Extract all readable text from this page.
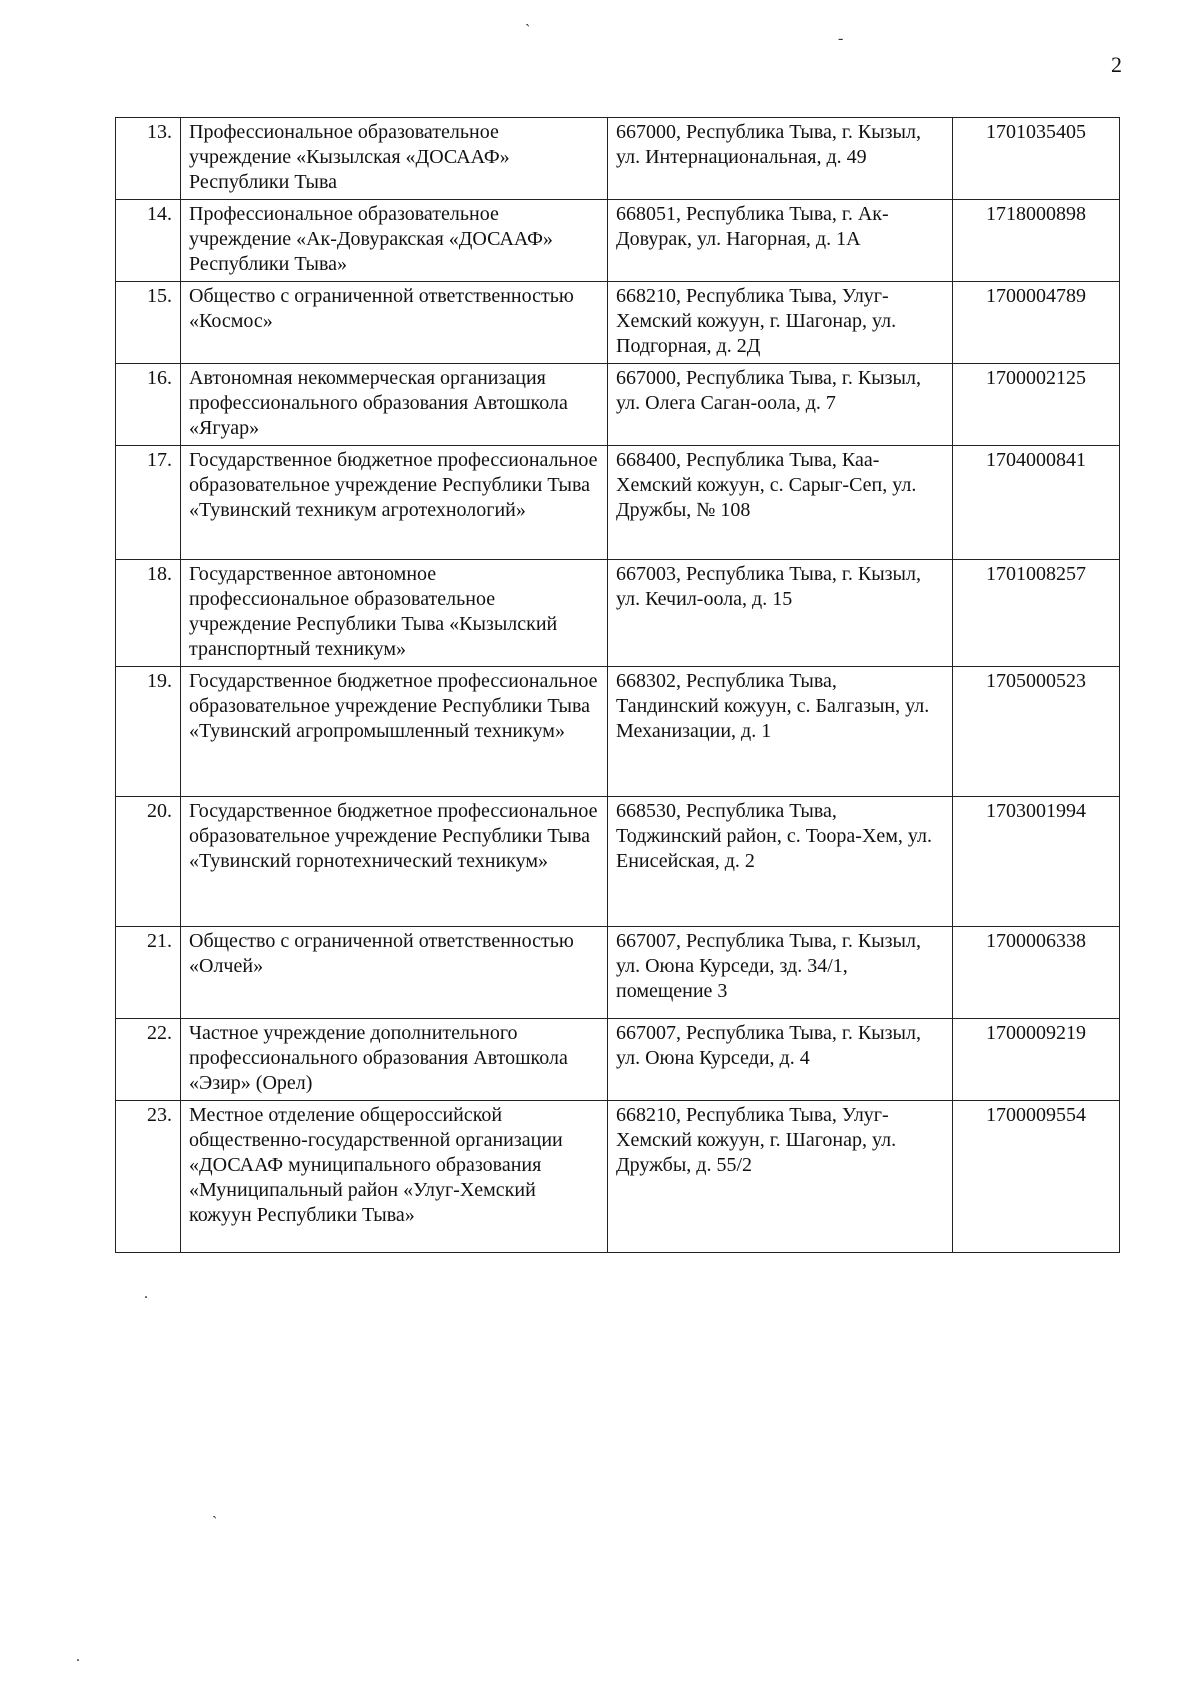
2
ˏ
-
.
ˎ
.
13.	Профессиональное образовательное учреждение «Кызылская «ДОСААФ» Республики Тыва	667000, Республика Тыва, г. Кызыл, ул. Интернациональная, д. 49	1701035405
14.	Профессиональное образовательное учреждение «Ак-Довуракская «ДОСААФ» Республики Тыва»	668051, Республика Тыва, г. Ак-Довурак, ул. Нагорная, д. 1А	1718000898
15.	Общество с ограниченной ответственностью «Космос»	668210, Республика Тыва, Улуг-Хемский кожуун, г. Шагонар, ул. Подгорная, д. 2Д	1700004789
16.	Автономная некоммерческая организация профессионального образования Автошкола «Ягуар»	667000, Республика Тыва, г. Кызыл, ул. Олега Саган-оола, д. 7	1700002125
17.	Государственное бюджетное профессиональное образовательное учреждение Республики Тыва «Тувинский техникум агротехнологий»	668400, Республика Тыва, Каа-Хемский кожуун, с. Сарыг-Сеп, ул. Дружбы, № 108	1704000841
18.	Государственное автономное профессиональное образовательное учреждение Республики Тыва «Кызылский транспортный техникум»	667003, Республика Тыва, г. Кызыл, ул. Кечил-оола, д. 15	1701008257
19.	Государственное бюджетное профессиональное образовательное учреждение Республики Тыва «Тувинский агропромышленный техникум»	668302, Республика Тыва, Тандинский кожуун, с. Балгазын, ул. Механизации, д. 1	1705000523
20.	Государственное бюджетное профессиональное образовательное учреждение Республики Тыва «Тувинский горнотехнический техникум»	668530, Республика Тыва, Тоджинский район, с. Тоора-Хем, ул. Енисейская, д. 2	1703001994
21.	Общество с ограниченной ответственностью «Олчей»	667007, Республика Тыва, г. Кызыл, ул. Оюна Курседи, зд. 34/1, помещение 3	1700006338
22.	Частное учреждение дополнительного профессионального образования Автошкола «Эзир» (Орел)	667007, Республика Тыва, г. Кызыл, ул. Оюна Курседи, д. 4	1700009219
23.	Местное отделение общероссийской общественно-государственной организации «ДОСААФ муниципального образования «Муниципальный район «Улуг-Хемский кожуун Республики Тыва»	668210, Республика Тыва, Улуг-Хемский кожуун, г. Шагонар, ул. Дружбы, д. 55/2	1700009554
